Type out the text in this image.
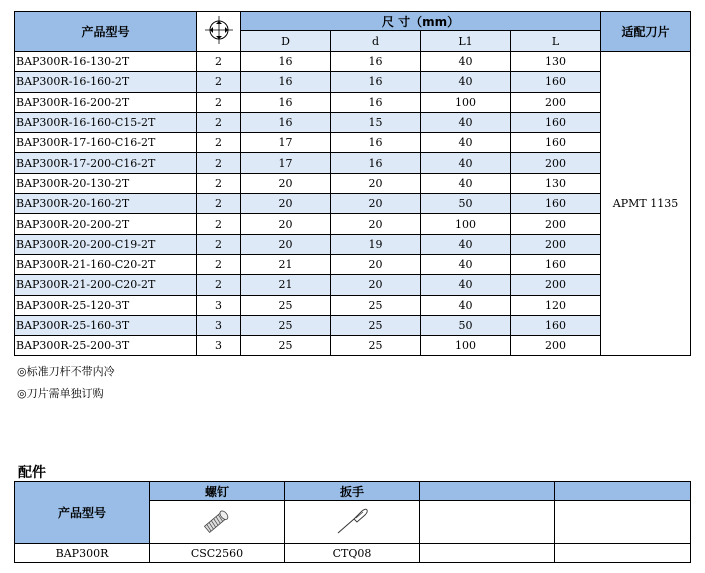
产品型号		尺 寸（mm）				适配刀片
		D	d	L1	L	
BAP300R-16-130-2T	2	16	16	40	130	APMT 1135
BAP300R-16-160-2T	2	16	16	40	160	
BAP300R-16-200-2T	2	16	16	100	200	
BAP300R-16-160-C15-2T	2	16	15	40	160	
BAP300R-17-160-C16-2T	2	17	16	40	160	
BAP300R-17-200-C16-2T	2	17	16	40	200	
BAP300R-20-130-2T	2	20	20	40	130	
BAP300R-20-160-2T	2	20	20	50	160	
BAP300R-20-200-2T	2	20	20	100	200	
BAP300R-20-200-C19-2T	2	20	19	40	200	
BAP300R-21-160-C20-2T	2	21	20	40	160	
BAP300R-21-200-C20-2T	2	21	20	40	200	
BAP300R-25-120-3T	3	25	25	40	120	
BAP300R-25-160-3T	3	25	25	50	160	
BAP300R-25-200-3T	3	25	25	100	200	
◎标准刀杆不带内冷
◎刀片需单独订购
配件
产品型号	螺钉	扳手		

BAP300R	CSC2560	CTQ08		
